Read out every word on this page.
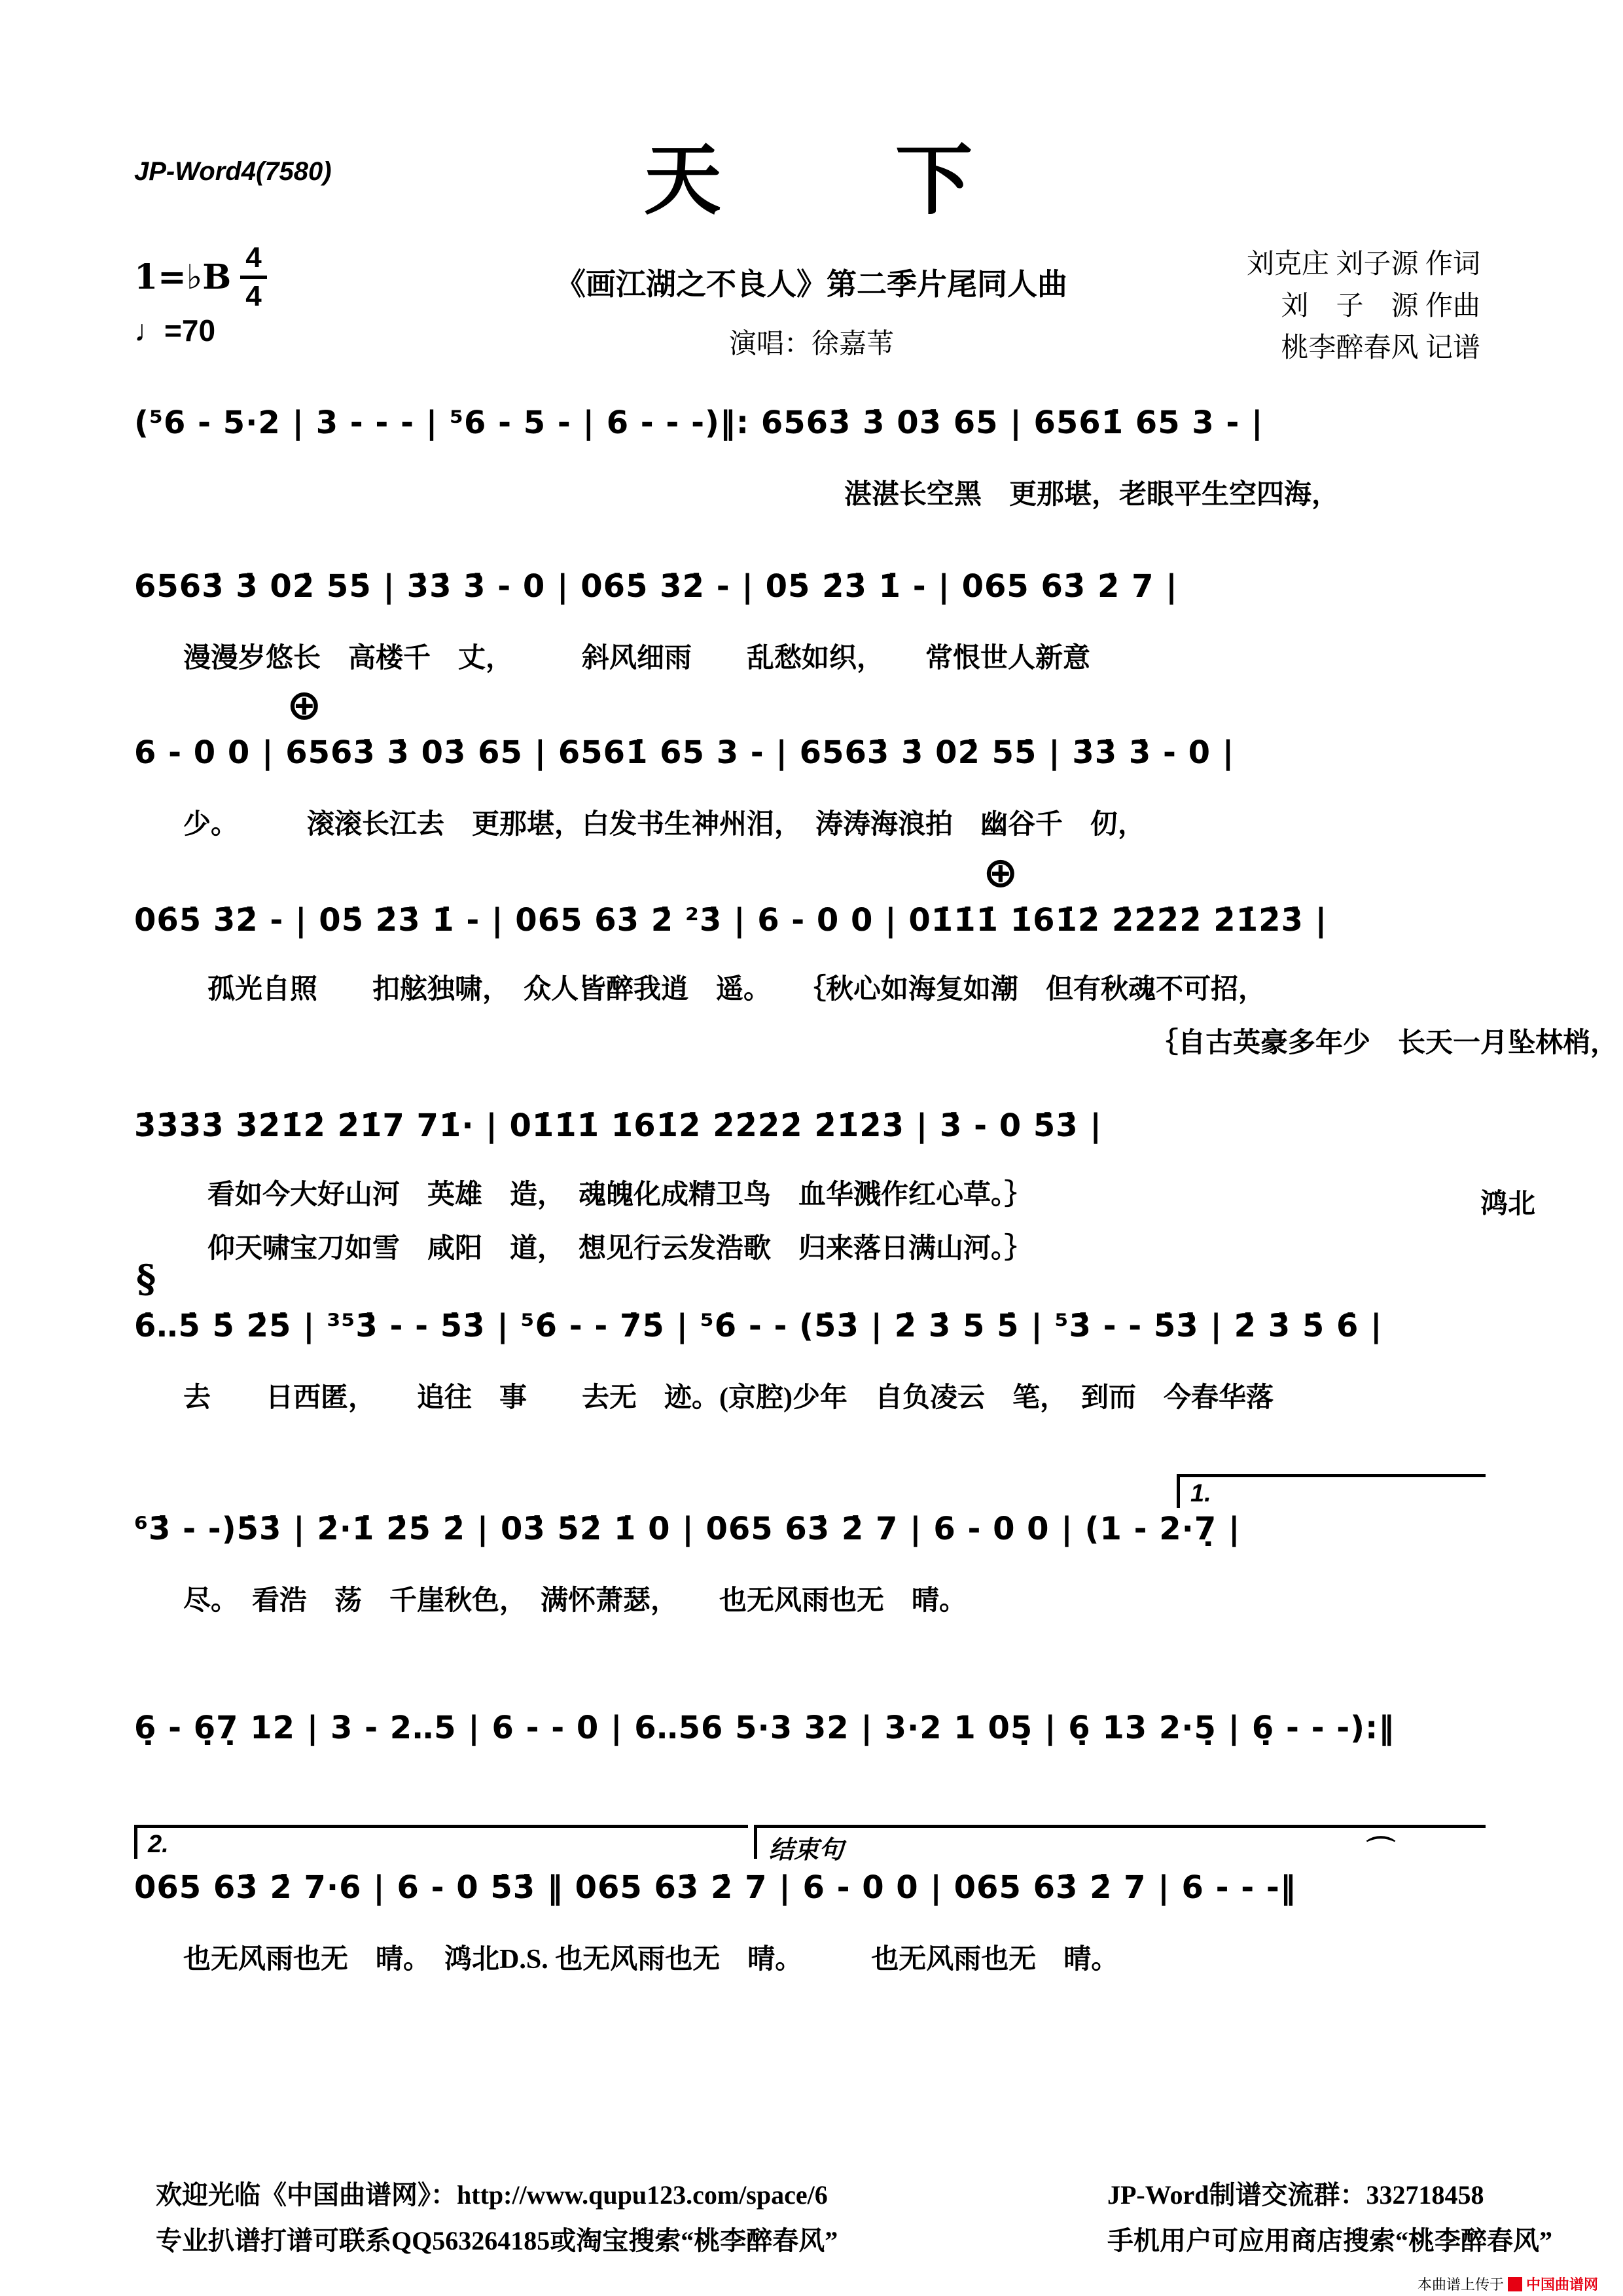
JP-Word4(7580)	天　　下
1=♭B $\frac{4}{4}$
♩=70
《画江湖之不良人》第二季片尾同人曲
演唱：徐嘉苇
刘克庄 刘子源 作词
刘　子　源 作曲
桃李醉春风 记谱
(⁵6 - 5·2 | 3 - - - | ⁵6 - 5 - | 6 - - -)‖: 6563̇ 3̇ 03̇ 65 | 6561̇ 65 3 - |
湛湛长空黑　更那堪，老眼平生空四海，
6563̇ 3̇ 02̇ 55̇ | 3̇3̇ 3̇ - 0 | 06̇5̇ 3̇2̇ - | 05̇ 2̇3̇ 1̇ - | 065 63̇ 2̇ 7 |
漫漫岁悠长　高楼千　丈，　　　斜风细雨　　乱愁如织，　　常恨世人新意
⊕
6 - 0 0 | 6563̇ 3̇ 03̇ 65 | 6561̇ 65 3 - | 6563̇ 3̇ 02̇ 55̇ | 3̇3̇ 3̇ - 0 |
少。　　　滚滚长江去　更那堪，白发书生神州泪，　涛涛海浪拍　幽谷千　仞，
⊕
06̇5̇ 3̇2̇ - | 05̇ 2̇3̇ 1̇ - | 065 63̇ 2̇ ²3̇ | 6 - 0 0 | 01̇1̇1̇ 1̇61̇2̇ 2̇2̇2̇2̇ 2̇1̇2̇3̇ |
孤光自照　　扣舷独啸，　众人皆醉我逍　遥。　　｛秋心如海复如潮　但有秋魂不可招，
｛自古英豪多年少　长天一月坠林梢，
3̇3̇3̇3̇ 3̇2̇1̇2̇ 2̇1̇7 71̇· | 01̇1̇1̇ 1̇61̇2̇ 2̇2̇2̇2̇ 2̇1̇2̇3̇ | 3̇ - 0 5̇3̇ |
看如今大好山河　英雄　造，　魂魄化成精卫鸟　血华溅作红心草。｝
仰天啸宝刀如雪　咸阳　道，　想见行云发浩歌　归来落日满山河。｝
鸿北
§
6̇‥5̇ 5̇ 2̇5̇ | ³⁵3̇ - - 5̇3̇ | ⁵6̇ - - 7̇5̇ | ⁵6̇ - - (5̇3̇ | 2̇ 3̇ 5 5̇ | ⁵3̇ - - 5̇3̇ | 2̇ 3̇ 5̇ 6̇ |
去　　日西匿，　　追往　事　　去无　迹。(京腔)少年　自负凌云　笔，　到而　今春华落
1.
⁶3̇ - -)5̇3̇ | 2̇·1̇ 2̇5̇ 2̇ | 03̇ 5̇2̇ 1̇ 0 | 065 63̇ 2̇ 7 | 6 - 0 0 | (1 - 2·7̣ |
尽。　看浩　荡　千崖秋色，　满怀萧瑟，　　也无风雨也无　晴。
6̣ - 6̣7̣ 12 | 3 - 2‥5 | 6 - - 0 | 6‥56 5·3 32 | 3·2 1 05̣ | 6̣ 13 2·5̣ | 6̣ - - -):‖
2.	结束句	⌒
065 63̇ 2̇ 7·6 | 6 - 0 5̇3̇ ‖ 065 63̇ 2̇ 7 | 6 - 0 0 | 065 63̇ 2̇ 7 | 6 - - -‖
也无风雨也无　晴。　鸿北D.S. 也无风雨也无　晴。　　　也无风雨也无　晴。
欢迎光临《中国曲谱网》：http://www.qupu123.com/space/6
专业扒谱打谱可联系QQ563264185或淘宝搜索“桃李醉春风”
JP-Word制谱交流群：332718458
手机用户可应用商店搜索“桃李醉春风”
本曲谱上传于 中国曲谱网
